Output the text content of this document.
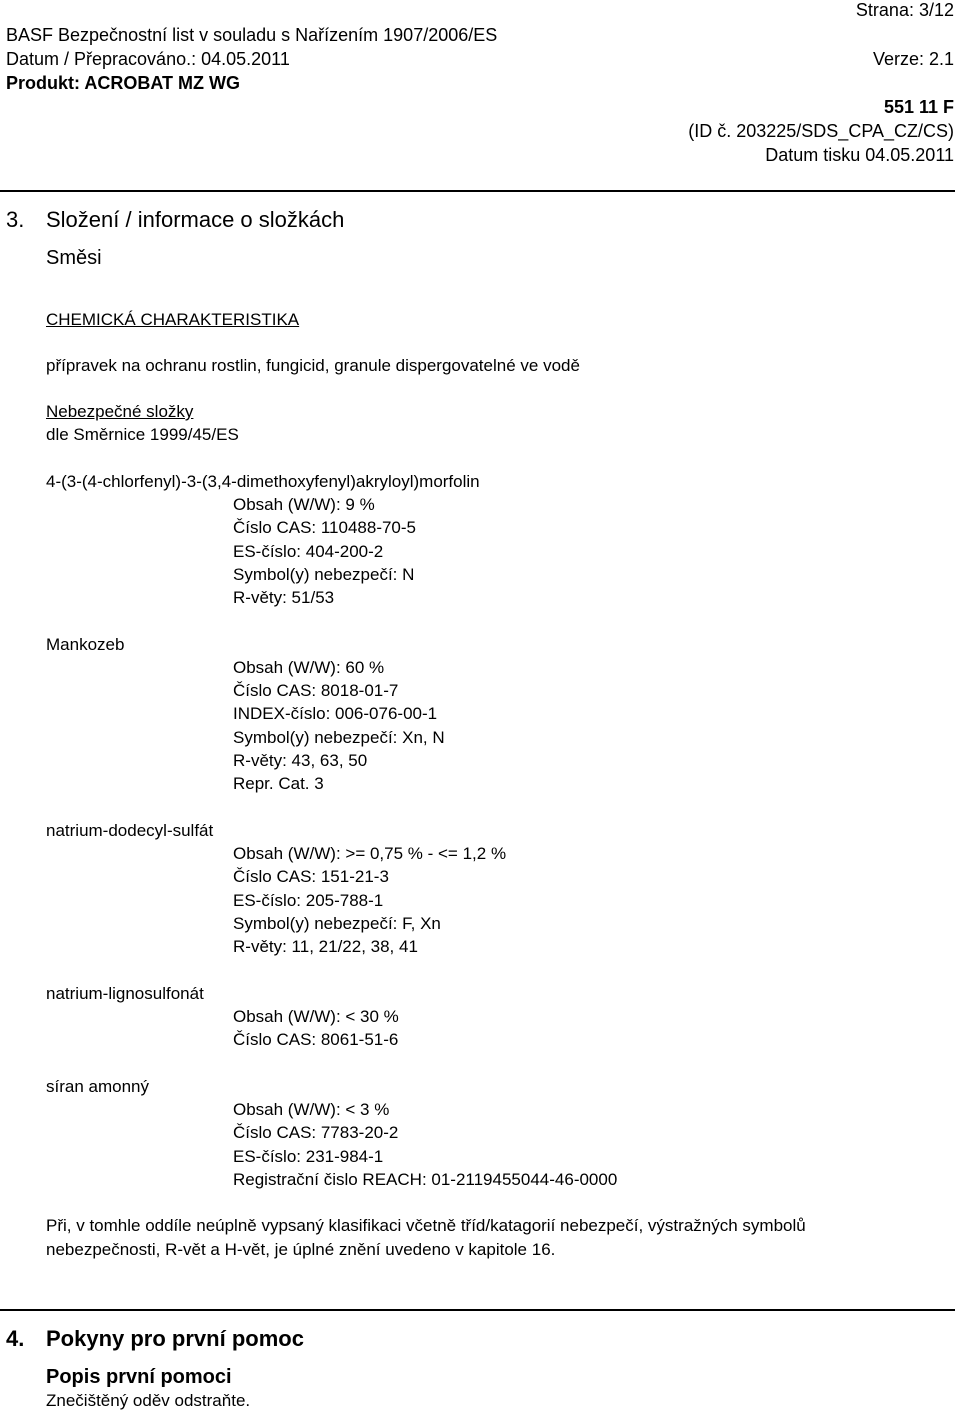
Strana: 3/12
BASF Bezpečnostní list v souladu s Nařízením 1907/2006/ES
Datum / Přepracováno.: 04.05.2011	Verze: 2.1
Produkt: ACROBAT MZ WG
551 11 F
(ID č. 203225/SDS_CPA_CZ/CS)
Datum tisku 04.05.2011
3. Složení / informace o složkách
Směsi
CHEMICKÁ CHARAKTERISTIKA
přípravek na ochranu rostlin, fungicid, granule dispergovatelné ve vodě
Nebezpečné složky
dle Směrnice 1999/45/ES
4-(3-(4-chlorfenyl)-3-(3,4-dimethoxyfenyl)akryloyl)morfolin
Obsah (W/W): 9 %
Číslo CAS: 110488-70-5
ES-číslo: 404-200-2
Symbol(y) nebezpečí: N
R-věty: 51/53
Mankozeb
Obsah (W/W): 60 %
Číslo CAS: 8018-01-7
INDEX-číslo: 006-076-00-1
Symbol(y) nebezpečí: Xn, N
R-věty: 43, 63, 50
Repr. Cat. 3
natrium-dodecyl-sulfát
Obsah (W/W): >= 0,75 % - <= 1,2 %
Číslo CAS: 151-21-3
ES-číslo: 205-788-1
Symbol(y) nebezpečí: F, Xn
R-věty: 11, 21/22, 38, 41
natrium-lignosulfonát
Obsah (W/W): < 30 %
Číslo CAS: 8061-51-6
síran amonný
Obsah (W/W): < 3 %
Číslo CAS: 7783-20-2
ES-číslo: 231-984-1
Registrační čislo REACH: 01-2119455044-46-0000
Při, v tomhle oddíle neúplně vypsaný klasifikaci včetně tříd/katagorií nebezpečí, výstražných symbolů
nebezpečnosti, R-vět a H-vět, je úplné znění uvedeno v kapitole 16.
4. Pokyny pro první pomoc
Popis první pomoci
Znečištěný oděv odstraňte.
